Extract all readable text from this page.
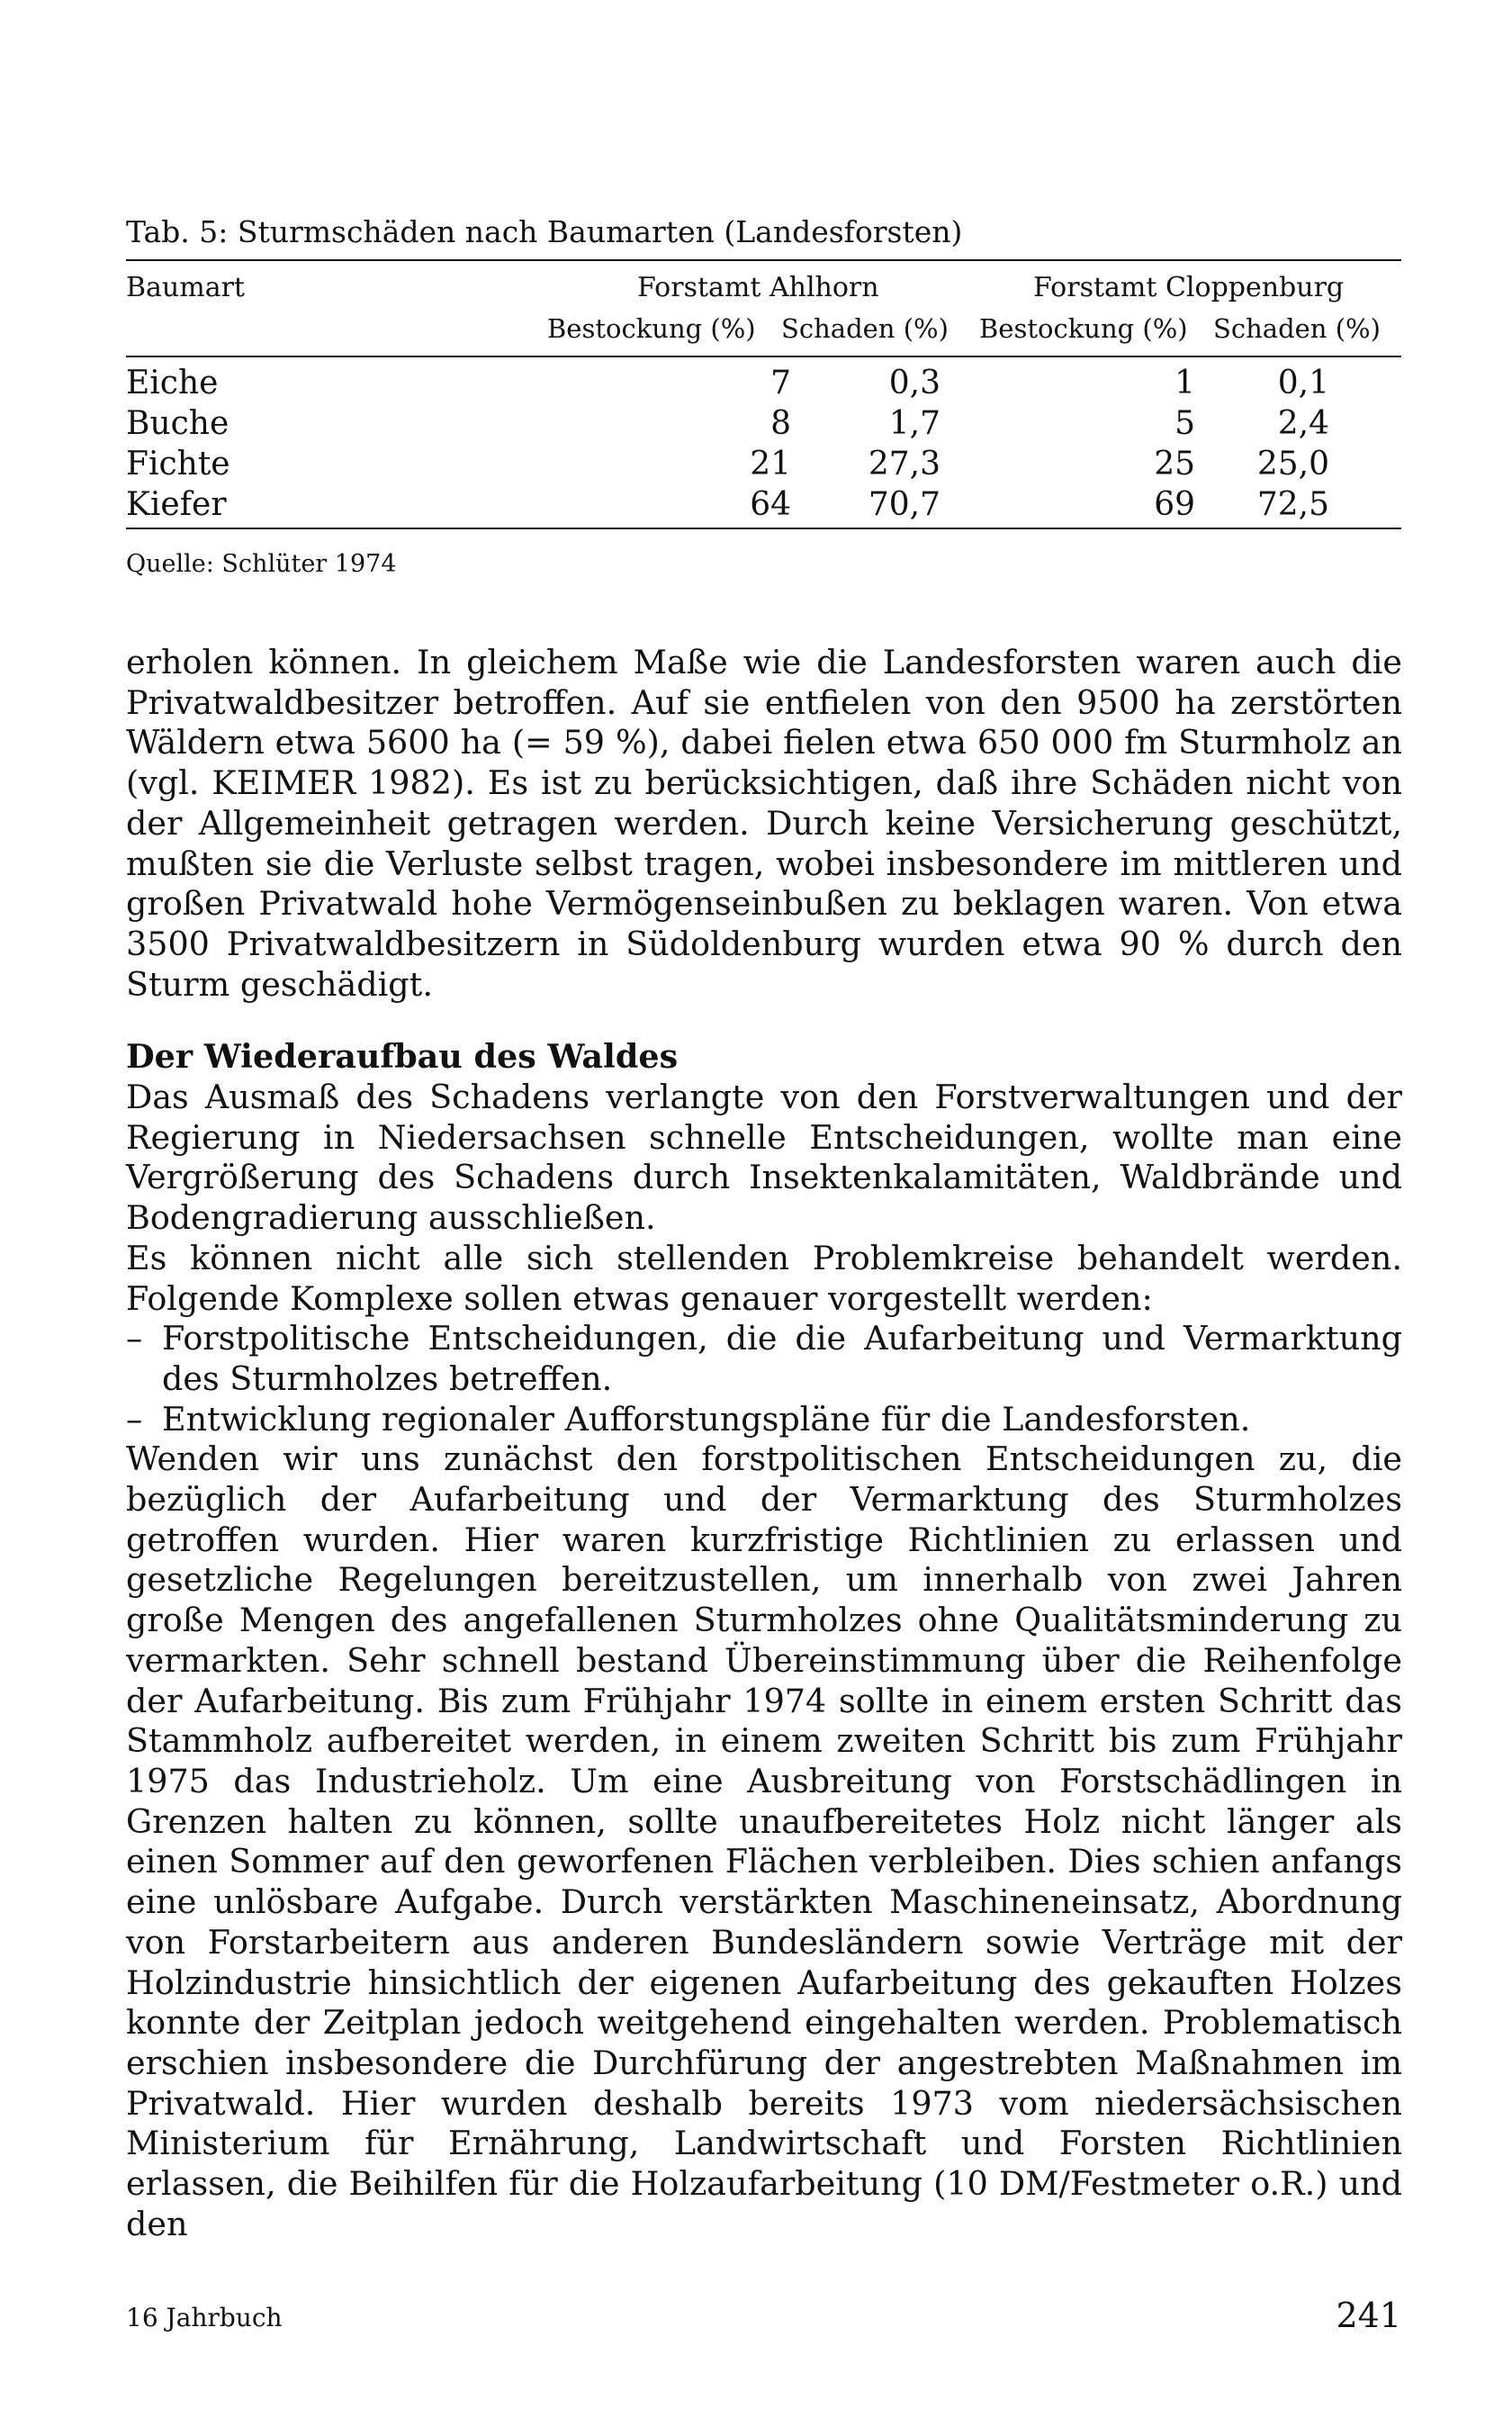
Tab. 5: Sturmschäden nach Baumarten (Landesforsten)
Baumart	Forstamt Ahlhorn	Forstamt Cloppenburg
Bestockung (%) Schaden (%) Bestockung (%) Schaden (%)
Eiche	7	0,3	1	0,1
Buche	8	1,7	5	2,4
Fichte	21 27,3	25 25,0
Kiefer	64 70,7	69 72,5
Quelle: Schlüter 1974

erholen können. In gleichem Maße wie die Landesforsten waren auch die Privatwaldbesitzer betroffen. Auf sie entfielen von den 9500 ha zerstörten Wäldern etwa 5600 ha (= 59 %), dabei fielen etwa 650 000 fm Sturmholz an (vgl. KEIMER 1982). Es ist zu berücksichtigen, daß ihre Schäden nicht von der Allgemeinheit getragen werden. Durch keine Versicherung geschützt, mußten sie die Verluste selbst tragen, wobei insbesondere im mittleren und großen Privatwald hohe Vermögenseinbußen zu beklagen waren. Von etwa 3500 Privatwaldbesitzern in Südoldenburg wurden etwa 90 % durch den Sturm geschädigt.

Der Wiederaufbau des Waldes

Das Ausmaß des Schadens verlangte von den Forstverwaltungen und der Regierung in Niedersachsen schnelle Entscheidungen, wollte man eine Vergrößerung des Schadens durch Insektenkalamitäten, Waldbrände und Bodengradierung ausschließen.

Es können nicht alle sich stellenden Problemkreise behandelt werden. Folgende Komplexe sollen etwas genauer vorgestellt werden:

– Forstpolitische Entscheidungen, die die Aufarbeitung und Vermarktung des Sturmholzes betreffen.
– Entwicklung regionaler Aufforstungspläne für die Landesforsten.

Wenden wir uns zunächst den forstpolitischen Entscheidungen zu, die bezüglich der Aufarbeitung und der Vermarktung des Sturmholzes getroffen wurden. Hier waren kurzfristige Richtlinien zu erlassen und gesetzliche Regelungen bereitzustellen, um innerhalb von zwei Jahren große Mengen des angefallenen Sturmholzes ohne Qualitätsminderung zu vermarkten. Sehr schnell bestand Übereinstimmung über die Reihenfolge der Aufarbeitung. Bis zum Frühjahr 1974 sollte in einem ersten Schritt das Stammholz aufbereitet werden, in einem zweiten Schritt bis zum Frühjahr 1975 das Industrieholz. Um eine Ausbreitung von Forstschädlingen in Grenzen halten zu können, sollte unaufbereitetes Holz nicht länger als einen Sommer auf den geworfenen Flächen verbleiben. Dies schien anfangs eine unlösbare Aufgabe. Durch verstärkten Maschineneinsatz, Abordnung von Forstarbeitern aus anderen Bundesländern sowie Verträge mit der Holzindustrie hinsichtlich der eigenen Aufarbeitung des gekauften Holzes konnte der Zeitplan jedoch weitgehend eingehalten werden. Problematisch erschien insbesondere die Durchfürung der angestrebten Maßnahmen im Privatwald. Hier wurden deshalb bereits 1973 vom niedersächsischen Ministerium für Ernährung, Landwirtschaft und Forsten Richtlinien erlassen, die Beihilfen für die Holzaufarbeitung (10 DM/Festmeter o.R.) und den

16 Jahrbuch	241
